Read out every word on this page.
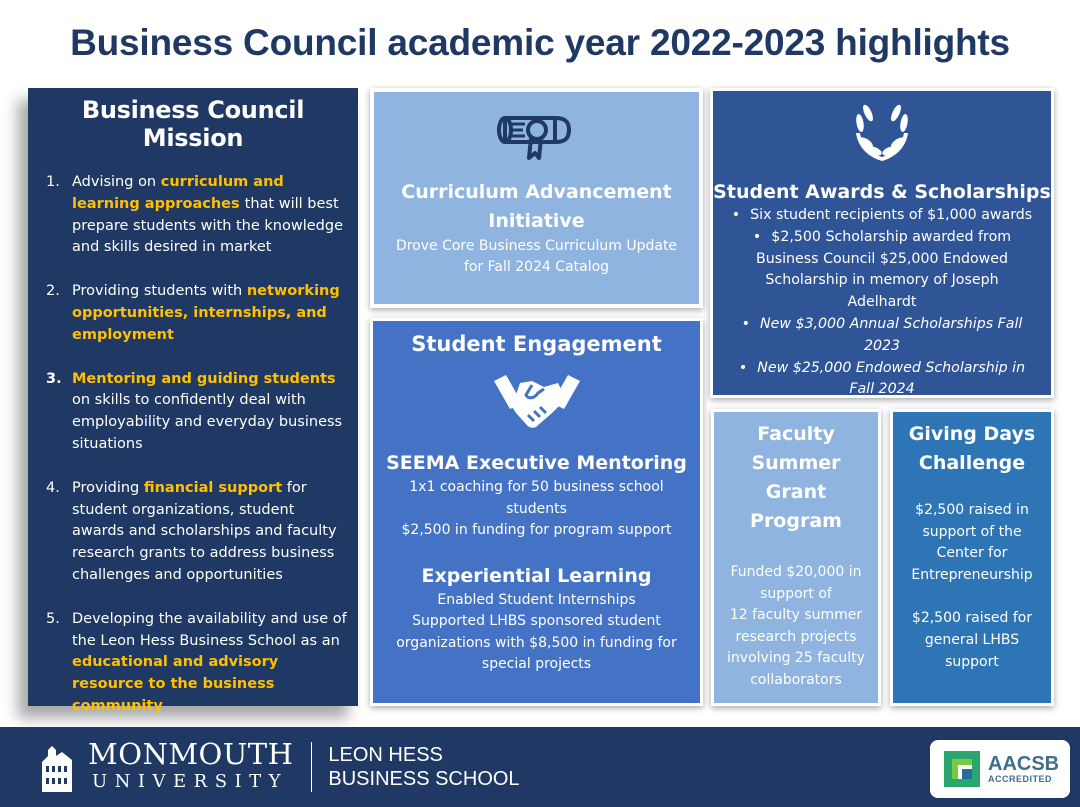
Business Council academic year 2022-2023 highlights
Business Council Mission
1. Advising on curriculum and learning approaches that will best prepare students with the knowledge and skills desired in market
2. Providing students with networking opportunities, internships, and employment
3. Mentoring and guiding students on skills to confidently deal with employability and everyday business situations
4. Providing financial support for student organizations, student awards and scholarships and faculty research grants to address business challenges and opportunities
5. Developing the availability and use of the Leon Hess Business School as an educational and advisory resource to the business community
Curriculum Advancement
Initiative

Drove Core Business Curriculum Update
for Fall 2024 Catalog

Student Awards & Scholarships
• Six student recipients of $1,000 awards
• $2,500 Scholarship awarded from Business Council $25,000 Endowed Scholarship in memory of Joseph Adelhardt
• New $3,000 Annual Scholarships Fall 2023
• New $25,000 Endowed Scholarship in Fall 2024
Student Engagement
SEEMA Executive Mentoring

1x1 coaching for 50 business school
students
$2,500 in funding for program support

Experiential Learning

Enabled Student Internships
Supported LHBS sponsored student
organizations with $8,500 in funding for
special projects

Faculty
Summer
Grant
Program

Funded $20,000 in
support of
12 faculty summer
research projects
involving 25 faculty
collaborators

Giving Days
Challenge

$2,500 raised in
support of the
Center for
Entrepreneurship

$2,500 raised for
general LHBS
support

MONMOUTH
UNIVERSITY
LEON HESS
BUSINESS SCHOOL
AACSB
ACCREDITED
